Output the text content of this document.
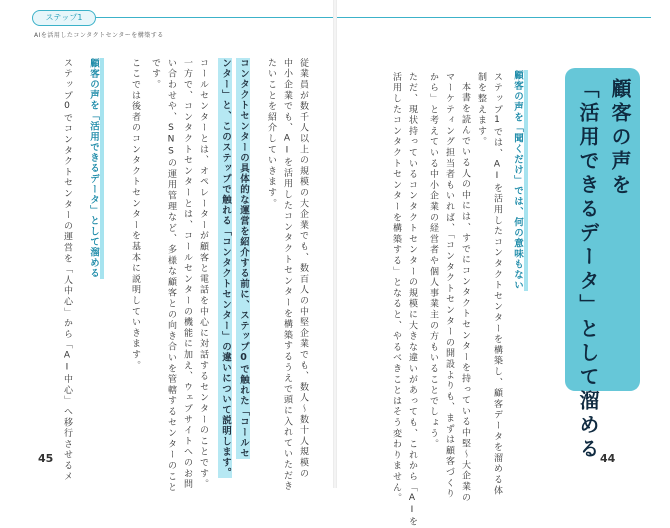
ステップ1
AIを活用したコンタクトセンターを構築する
顧客の声を
「活用できるデータ」として溜める
顧客の声を「聞くだけ」では、何の意味もない
ステップ1では、AIを活用したコンタクトセンターを構築し、顧客データを溜める体
制を整えます。
本書を読んでいる人の中には、すでにコンタクトセンターを持っている中堅〜大企業の
マーケティング担当者もいれば、「コンタクトセンターの開設よりも、まずは顧客づくり
から」と考えている中小企業の経営者や個人事業主の方もいることでしょう。
ただ、現状持っているコンタクトセンターの規模に大きな違いがあっても、これから「AIを
活用したコンタクトセンターを構築する」となると、やるべきことはそう変わりません。
従業員が数千人以上の規模の大企業でも、数百人の中堅企業でも、数人〜数十人規模の
中小企業でも、AIを活用したコンタクトセンターを構築するうえで頭に入れていただき
たいことを紹介していきます。
コンタクトセンターの具体的な運営を紹介する前に、ステップ0で触れた「コールセ
ンター」と、このステップで触れる「コンタクトセンター」の違いについて説明します。
コールセンターとは、オペレーターが顧客と電話を中心に対話するセンターのことです。
一方で、コンタクトセンターとは、コールセンターの機能に加え、ウェブサイトへのお問
い合わせや、SNSの運用管理など、多様な顧客との向き合いを管轄するセンターのこと
です。
ここでは後者のコンタクトセンターを基本に説明していきます。
顧客の声を「活用できるデータ」として溜める
ステップ0でコンタクトセンターの運営を「人中心」から「AI中心」へ移行させるメ
45	44
